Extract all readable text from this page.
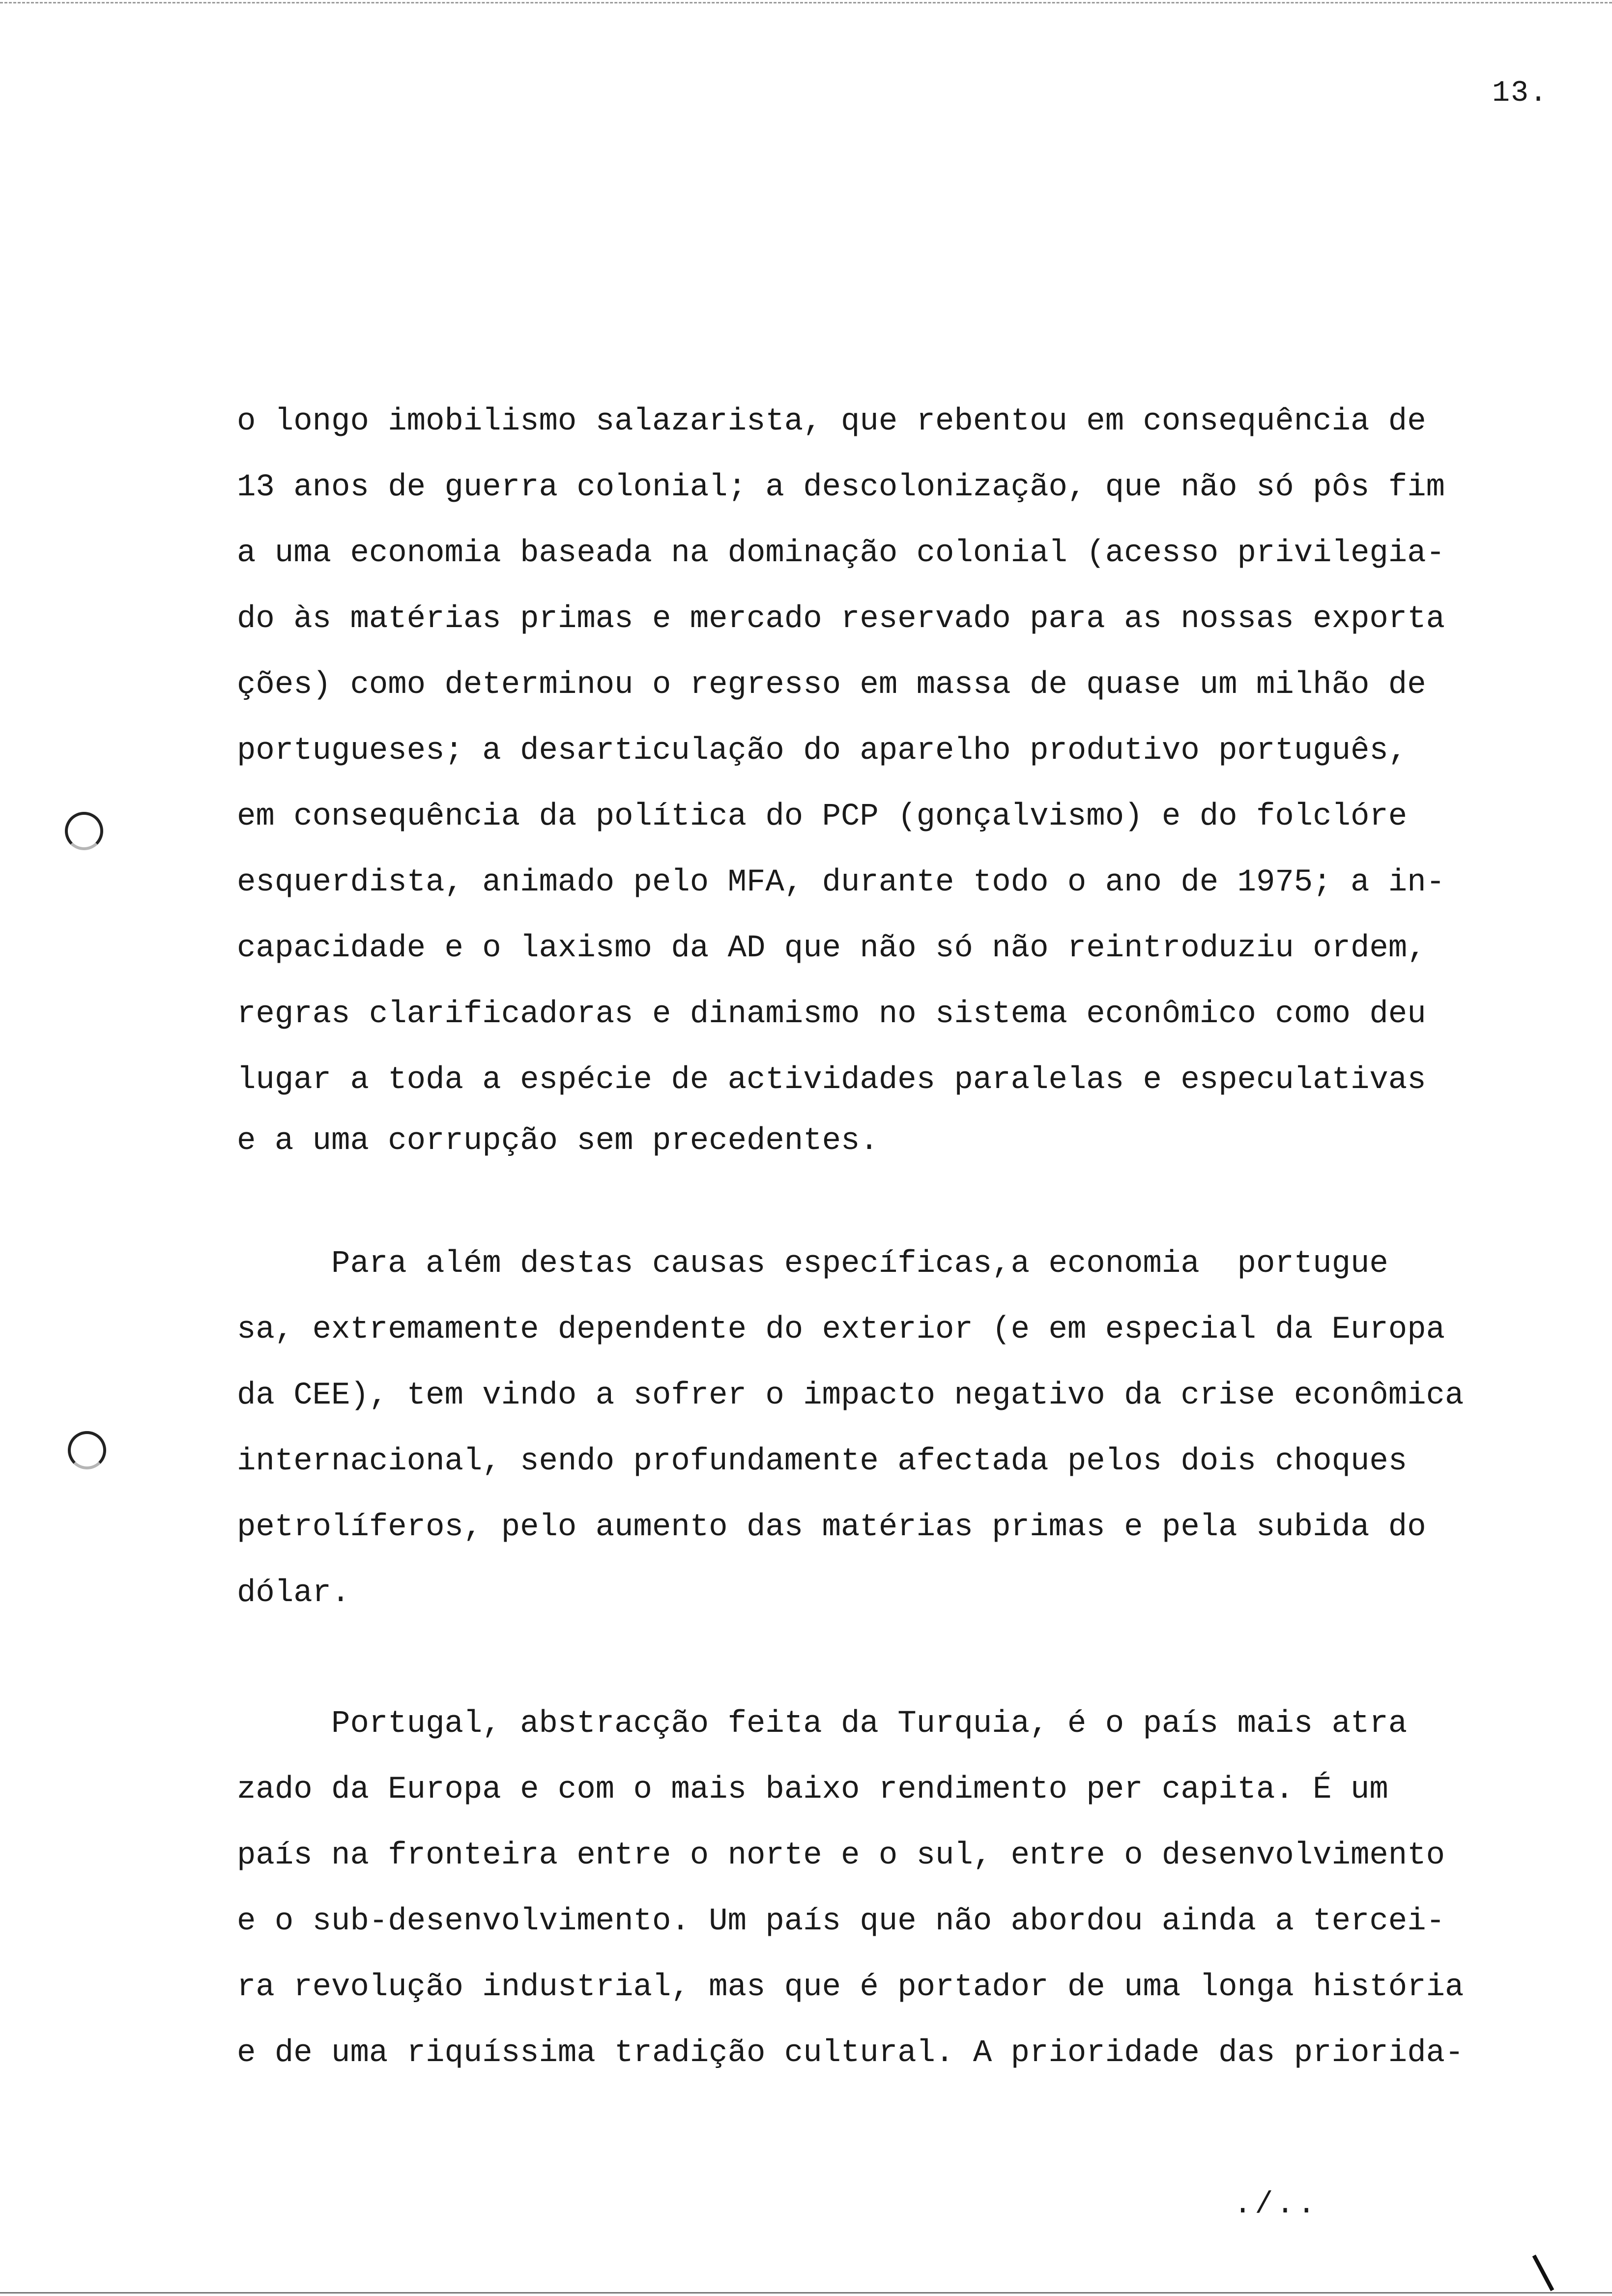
13.
o longo imobilismo salazarista, que rebentou em consequência de
13 anos de guerra colonial; a descolonização, que não só pôs fim
a uma economia baseada na dominação colonial (acesso privilegia-
do às matérias primas e mercado reservado para as nossas exporta
ções) como determinou o regresso em massa de quase um milhão de
portugueses; a desarticulação do aparelho produtivo português,
em consequência da política do PCP (gonçalvismo) e do folclóre
esquerdista, animado pelo MFA, durante todo o ano de 1975; a in-
capacidade e o laxismo da AD que não só não reintroduziu ordem,
regras clarificadoras e dinamismo no sistema econômico como deu
lugar a toda a espécie de actividades paralelas e especulativas
e a uma corrupção sem precedentes.
Para além destas causas específicas,a economia  portugue
sa, extremamente dependente do exterior (e em especial da Europa
da CEE), tem vindo a sofrer o impacto negativo da crise econômica
internacional, sendo profundamente afectada pelos dois choques
petrolíferos, pelo aumento das matérias primas e pela subida do
dólar.
Portugal, abstracção feita da Turquia, é o país mais atra
zado da Europa e com o mais baixo rendimento per capita. É um
país na fronteira entre o norte e o sul, entre o desenvolvimento
e o sub-desenvolvimento. Um país que não abordou ainda a tercei-
ra revolução industrial, mas que é portador de uma longa história
e de uma riquíssima tradição cultural. A prioridade das priorida-
./..
